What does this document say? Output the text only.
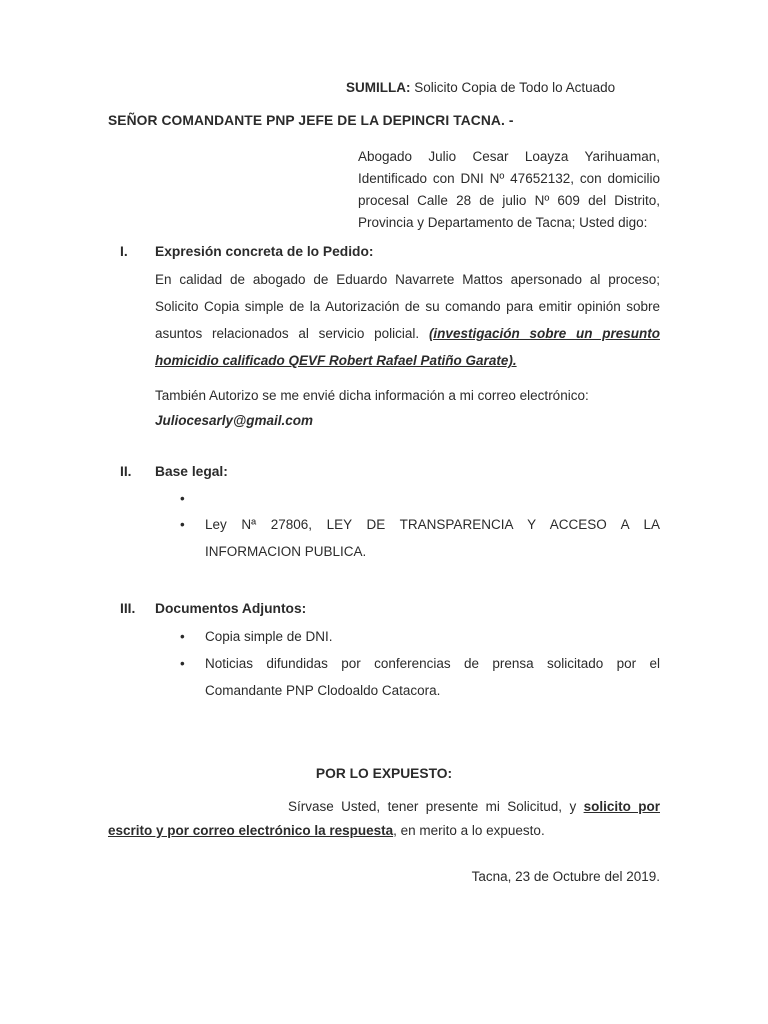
SUMILLA: Solicito Copia de Todo lo Actuado

SEÑOR COMANDANTE PNP JEFE DE LA DEPINCRI TACNA. -

Abogado Julio Cesar Loayza Yarihuaman, Identificado con DNI Nº 47652132, con domicilio procesal Calle 28 de julio Nº 609 del Distrito, Provincia y Departamento de Tacna; Usted digo:

I.	Expresión concreta de lo Pedido:

En calidad de abogado de Eduardo Navarrete Mattos apersonado al proceso; Solicito Copia simple de la Autorización de su comando para emitir opinión sobre asuntos relacionados al servicio policial. (investigación sobre un presunto homicidio calificado QEVF Robert Rafael Patiño Garate).

También Autorizo se me envié dicha información a mi correo electrónico:

Juliocesarly@gmail.com

II.	Base legal:
•
•	Ley Nª 27806, LEY DE TRANSPARENCIA Y ACCESO A LA INFORMACION PUBLICA.
III.	Documentos Adjuntos:
•	Copia simple de DNI.
•	Noticias difundidas por conferencias de prensa solicitado por el Comandante PNP Clodoaldo Catacora.

POR LO EXPUESTO:

Sírvase Usted, tener presente mi Solicitud, y solicito por escrito y por correo electrónico la respuesta, en merito a lo expuesto.

Tacna, 23 de Octubre del 2019.
